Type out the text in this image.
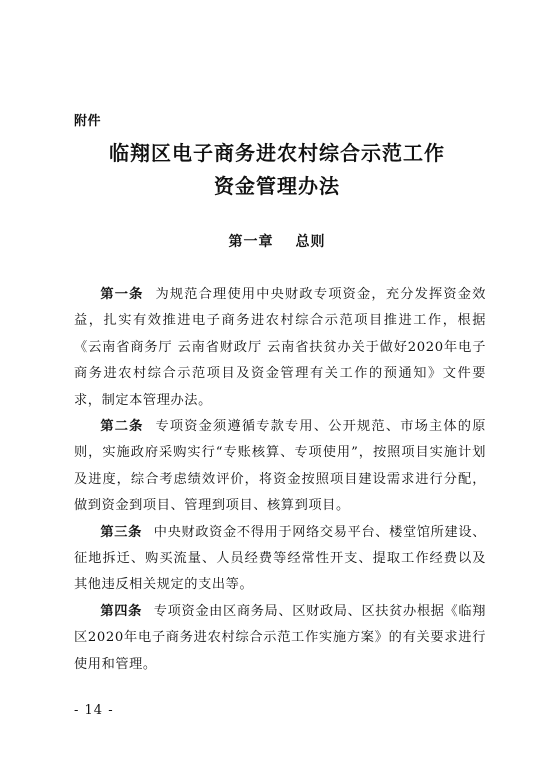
附件
临翔区电子商务进农村综合示范工作
资金管理办法
第一章 总则

第一条 为规范合理使用中央财政专项资金，充分发挥资金效益，扎实有效推进电子商务进农村综合示范项目推进工作，根据《云南省商务厅 云南省财政厅 云南省扶贫办关于做好2020年电子商务进农村综合示范项目及资金管理有关工作的预通知》文件要求，制定本管理办法。

第二条 专项资金须遵循专款专用、公开规范、市场主体的原则，实施政府采购实行“专账核算、专项使用”，按照项目实施计划及进度，综合考虑绩效评价，将资金按照项目建设需求进行分配，做到资金到项目、管理到项目、核算到项目。

第三条 中央财政资金不得用于网络交易平台、楼堂馆所建设、征地拆迁、购买流量、人员经费等经常性开支、提取工作经费以及其他违反相关规定的支出等。

第四条 专项资金由区商务局、区财政局、区扶贫办根据《临翔区2020年电子商务进农村综合示范工作实施方案》的有关要求进行使用和管理。

- 14 -
